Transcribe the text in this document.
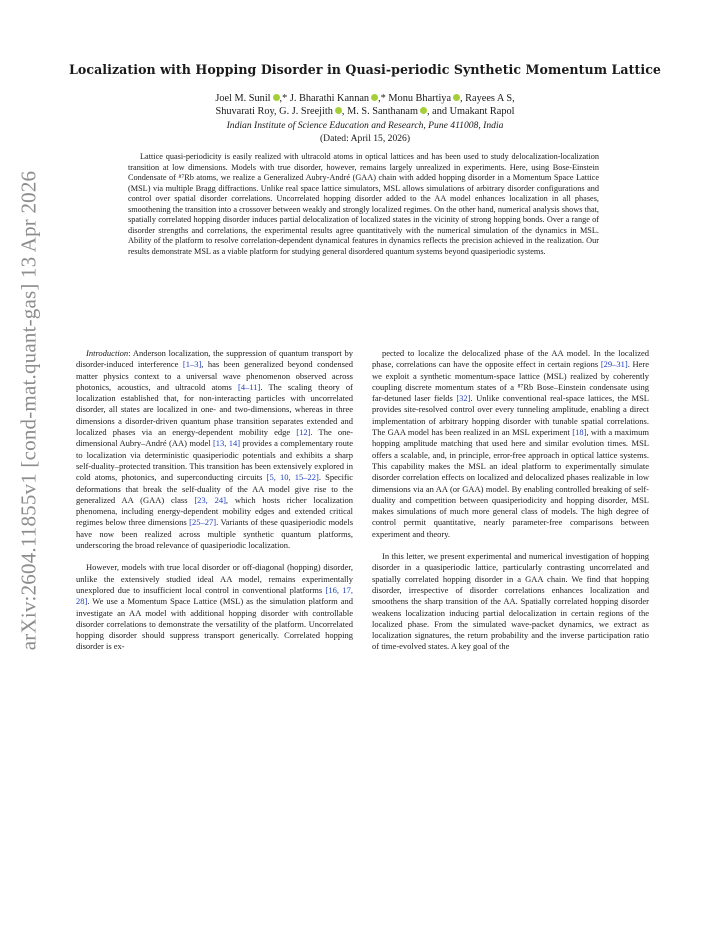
arXiv:2604.11855v1 [cond-mat.quant-gas] 13 Apr 2026
Localization with Hopping Disorder in Quasi-periodic Synthetic Momentum Lattice
Joel M. Sunil ,* J. Bharathi Kannan ,* Monu Bhartiya , Rayees A S,
Shuvarati Roy, G. J. Sreejith , M. S. Santhanam , and Umakant Rapol
Indian Institute of Science Education and Research, Pune 411008, India
(Dated: April 15, 2026)
Lattice quasi-periodicity is easily realized with ultracold atoms in optical lattices and has been used to study delocalization-localization transition at low dimensions. Models with true disorder, however, remains largely unrealized in experiments. Here, using Bose-Einstein Condensate of ⁸⁷Rb atoms, we realize a Generalized Aubry-André (GAA) chain with added hopping disorder in a Momentum Space Lattice (MSL) via multiple Bragg diffractions. Unlike real space lattice simulators, MSL allows simulations of arbitrary disorder configurations and control over spatial disorder correlations. Uncorrelated hopping disorder added to the AA model enhances localization in all phases, smoothening the transition into a crossover between weakly and strongly localized regimes. On the other hand, numerical analysis shows that, spatially correlated hopping disorder induces partial delocalization of localized states in the vicinity of strong hopping bonds. Over a range of disorder strengths and correlations, the experimental results agree quantitatively with the numerical simulation of the dynamics in MSL. Ability of the platform to resolve correlation-dependent dynamical features in dynamics reflects the precision achieved in the realization. Our results demonstrate MSL as a viable platform for studying general disordered quantum systems beyond quasiperiodic systems.

Introduction: Anderson localization, the suppression of quantum transport by disorder-induced interference [1–3], has been generalized beyond condensed matter physics context to a universal wave phenomenon observed across photonics, acoustics, and ultracold atoms [4–11]. The scaling theory of localization established that, for non-interacting particles with uncorrelated disorder, all states are localized in one- and two-dimensions, whereas in three dimensions a disorder-driven quantum phase transition separates extended and localized phases via an energy-dependent mobility edge [12]. The one-dimensional Aubry–André (AA) model [13, 14] provides a complementary route to localization via deterministic quasiperiodic potentials and exhibits a sharp self-duality–protected transition. This transition has been extensively explored in cold atoms, photonics, and superconducting circuits [5, 10, 15–22]. Specific deformations that break the self-duality of the AA model give rise to the generalized AA (GAA) class [23, 24], which hosts richer localization phenomena, including energy-dependent mobility edges and extended critical regimes below three dimensions [25–27]. Variants of these quasiperiodic models have now been realized across multiple synthetic quantum platforms, underscoring the broad relevance of quasiperiodic localization.

However, models with true local disorder or off-diagonal (hopping) disorder, unlike the extensively studied ideal AA model, remains experimentally unexplored due to insufficient local control in conventional platforms [16, 17, 28]. We use a Momentum Space Lattice (MSL) as the simulation platform and investigate an AA model with additional hopping disorder with controllable disorder correlations to demonstrate the versatility of the platform. Uncorrelated hopping disorder should suppress transport generically. Correlated hopping disorder is ex-

pected to localize the delocalized phase of the AA model. In the localized phase, correlations can have the opposite effect in certain regions [29–31]. Here we exploit a synthetic momentum-space lattice (MSL) realized by coherently coupling discrete momentum states of a ⁸⁷Rb Bose–Einstein condensate using far-detuned laser fields [32]. Unlike conventional real-space lattices, the MSL provides site-resolved control over every tunneling amplitude, enabling a direct implementation of arbitrary hopping disorder with tunable spatial correlations. The GAA model has been realized in an MSL experiment [18], with a maximum hopping amplitude matching that used here and similar evolution times. MSL offers a scalable, and, in principle, error-free approach in optical lattice systems. This capability makes the MSL an ideal platform to experimentally simulate disorder correlation effects on localized and delocalized phases realizable in low dimensions via an AA (or GAA) model. By enabling controlled breaking of self-duality and competition between quasiperiodicity and hopping disorder, MSL makes simulations of much more general class of models. The high degree of control permit quantitative, nearly parameter-free comparisons between experiment and theory.

In this letter, we present experimental and numerical investigation of hopping disorder in a quasiperiodic lattice, particularly contrasting uncorrelated and spatially correlated hopping disorder in a GAA chain. We find that hopping disorder, irrespective of disorder correlations enhances localization and smoothens the sharp transition of the AA. Spatially correlated hopping disorder weakens localization inducing partial delocalization in certain regions of the localized phase. From the simulated wave-packet dynamics, we extract as localization signatures, the return probability and the inverse participation ratio of time-evolved states. A key goal of the
